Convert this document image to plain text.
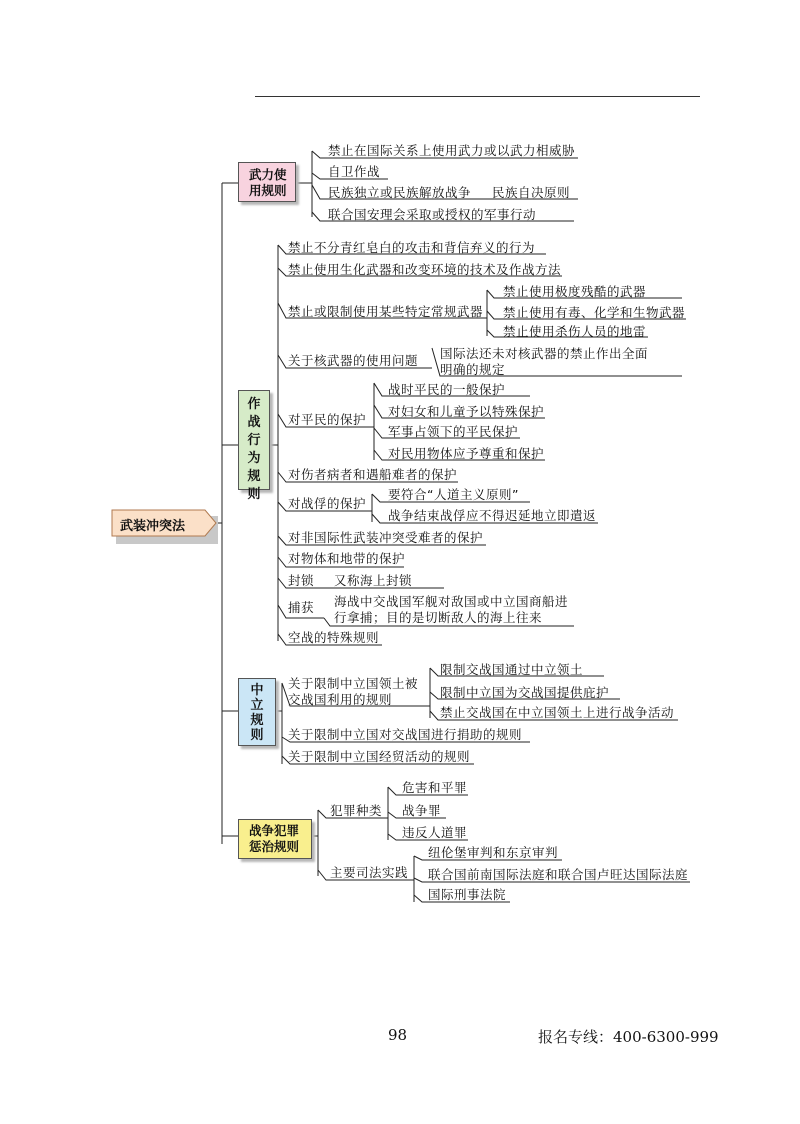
武装冲突法
武力使用规则
作战行为规则
中立规则
战争犯罪惩治规则
禁止在国际关系上使用武力或以武力相威胁
自卫作战
民族独立或民族解放战争 民族自决原则
联合国安理会采取或授权的军事行动
禁止不分青红皂白的攻击和背信弃义的行为
禁止使用生化武器和改变环境的技术及作战方法
禁止或限制使用某些特定常规武器
禁止使用极度残酷的武器
禁止使用有毒、化学和生物武器
禁止使用杀伤人员的地雷
关于核武器的使用问题 国际法还未对核武器的禁止作出全面明确的规定
对平民的保护
战时平民的一般保护
对妇女和儿童予以特殊保护
军事占领下的平民保护
对民用物体应予尊重和保护
对伤者病者和遇船难者的保护
对战俘的保护
要符合“人道主义原则”
战争结束战俘应不得迟延地立即遣返
对非国际性武装冲突受难者的保护
对物体和地带的保护
封锁 又称海上封锁
捕获 海战中交战国军舰对敌国或中立国商船进行拿捕；目的是切断敌人的海上往来
空战的特殊规则
关于限制中立国领土被交战国利用的规则
限制交战国通过中立领土
限制中立国为交战国提供庇护
禁止交战国在中立国领土上进行战争活动
关于限制中立国对交战国进行捐助的规则
关于限制中立国经贸活动的规则
犯罪种类
危害和平罪
战争罪
违反人道罪
主要司法实践
纽伦堡审判和东京审判
联合国前南国际法庭和联合国卢旺达国际法庭
国际刑事法院
98	报名专线：400-6300-999
